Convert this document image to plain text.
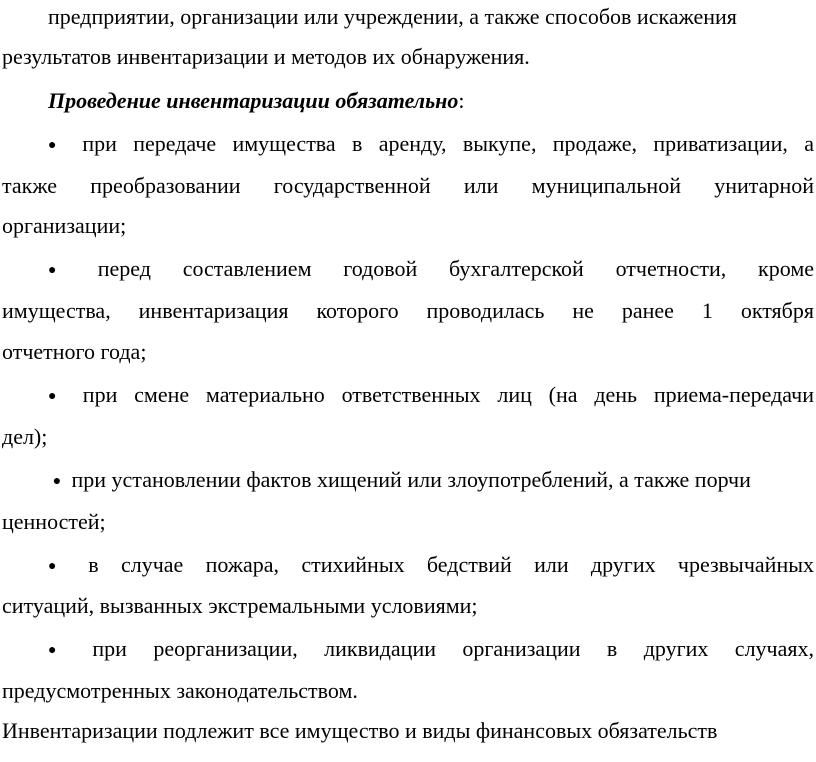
предприятии, организации или учреждении, а также способов искажения
результатов инвентаризации и методов их обнаружения.
Проведение инвентаризации обязательно:
● при передаче имущества в аренду, выкупе, продаже, приватизации, а
также преобразовании государственной или муниципальной унитарной
организации;
● перед составлением годовой бухгалтерской отчетности, кроме
имущества, инвентаризация которого проводилась не ранее 1 октября
отчетного года;
● при смене материально ответственных лиц (на день приема-передачи
дел);
● при установлении фактов хищений или злоупотреблений, а также порчи
ценностей;
● в случае пожара, стихийных бедствий или других чрезвычайных
ситуаций, вызванных экстремальными условиями;
● при реорганизации, ликвидации организации в других случаях,
предусмотренных законодательством.
Инвентаризации подлежит все имущество и виды финансовых обязательств
